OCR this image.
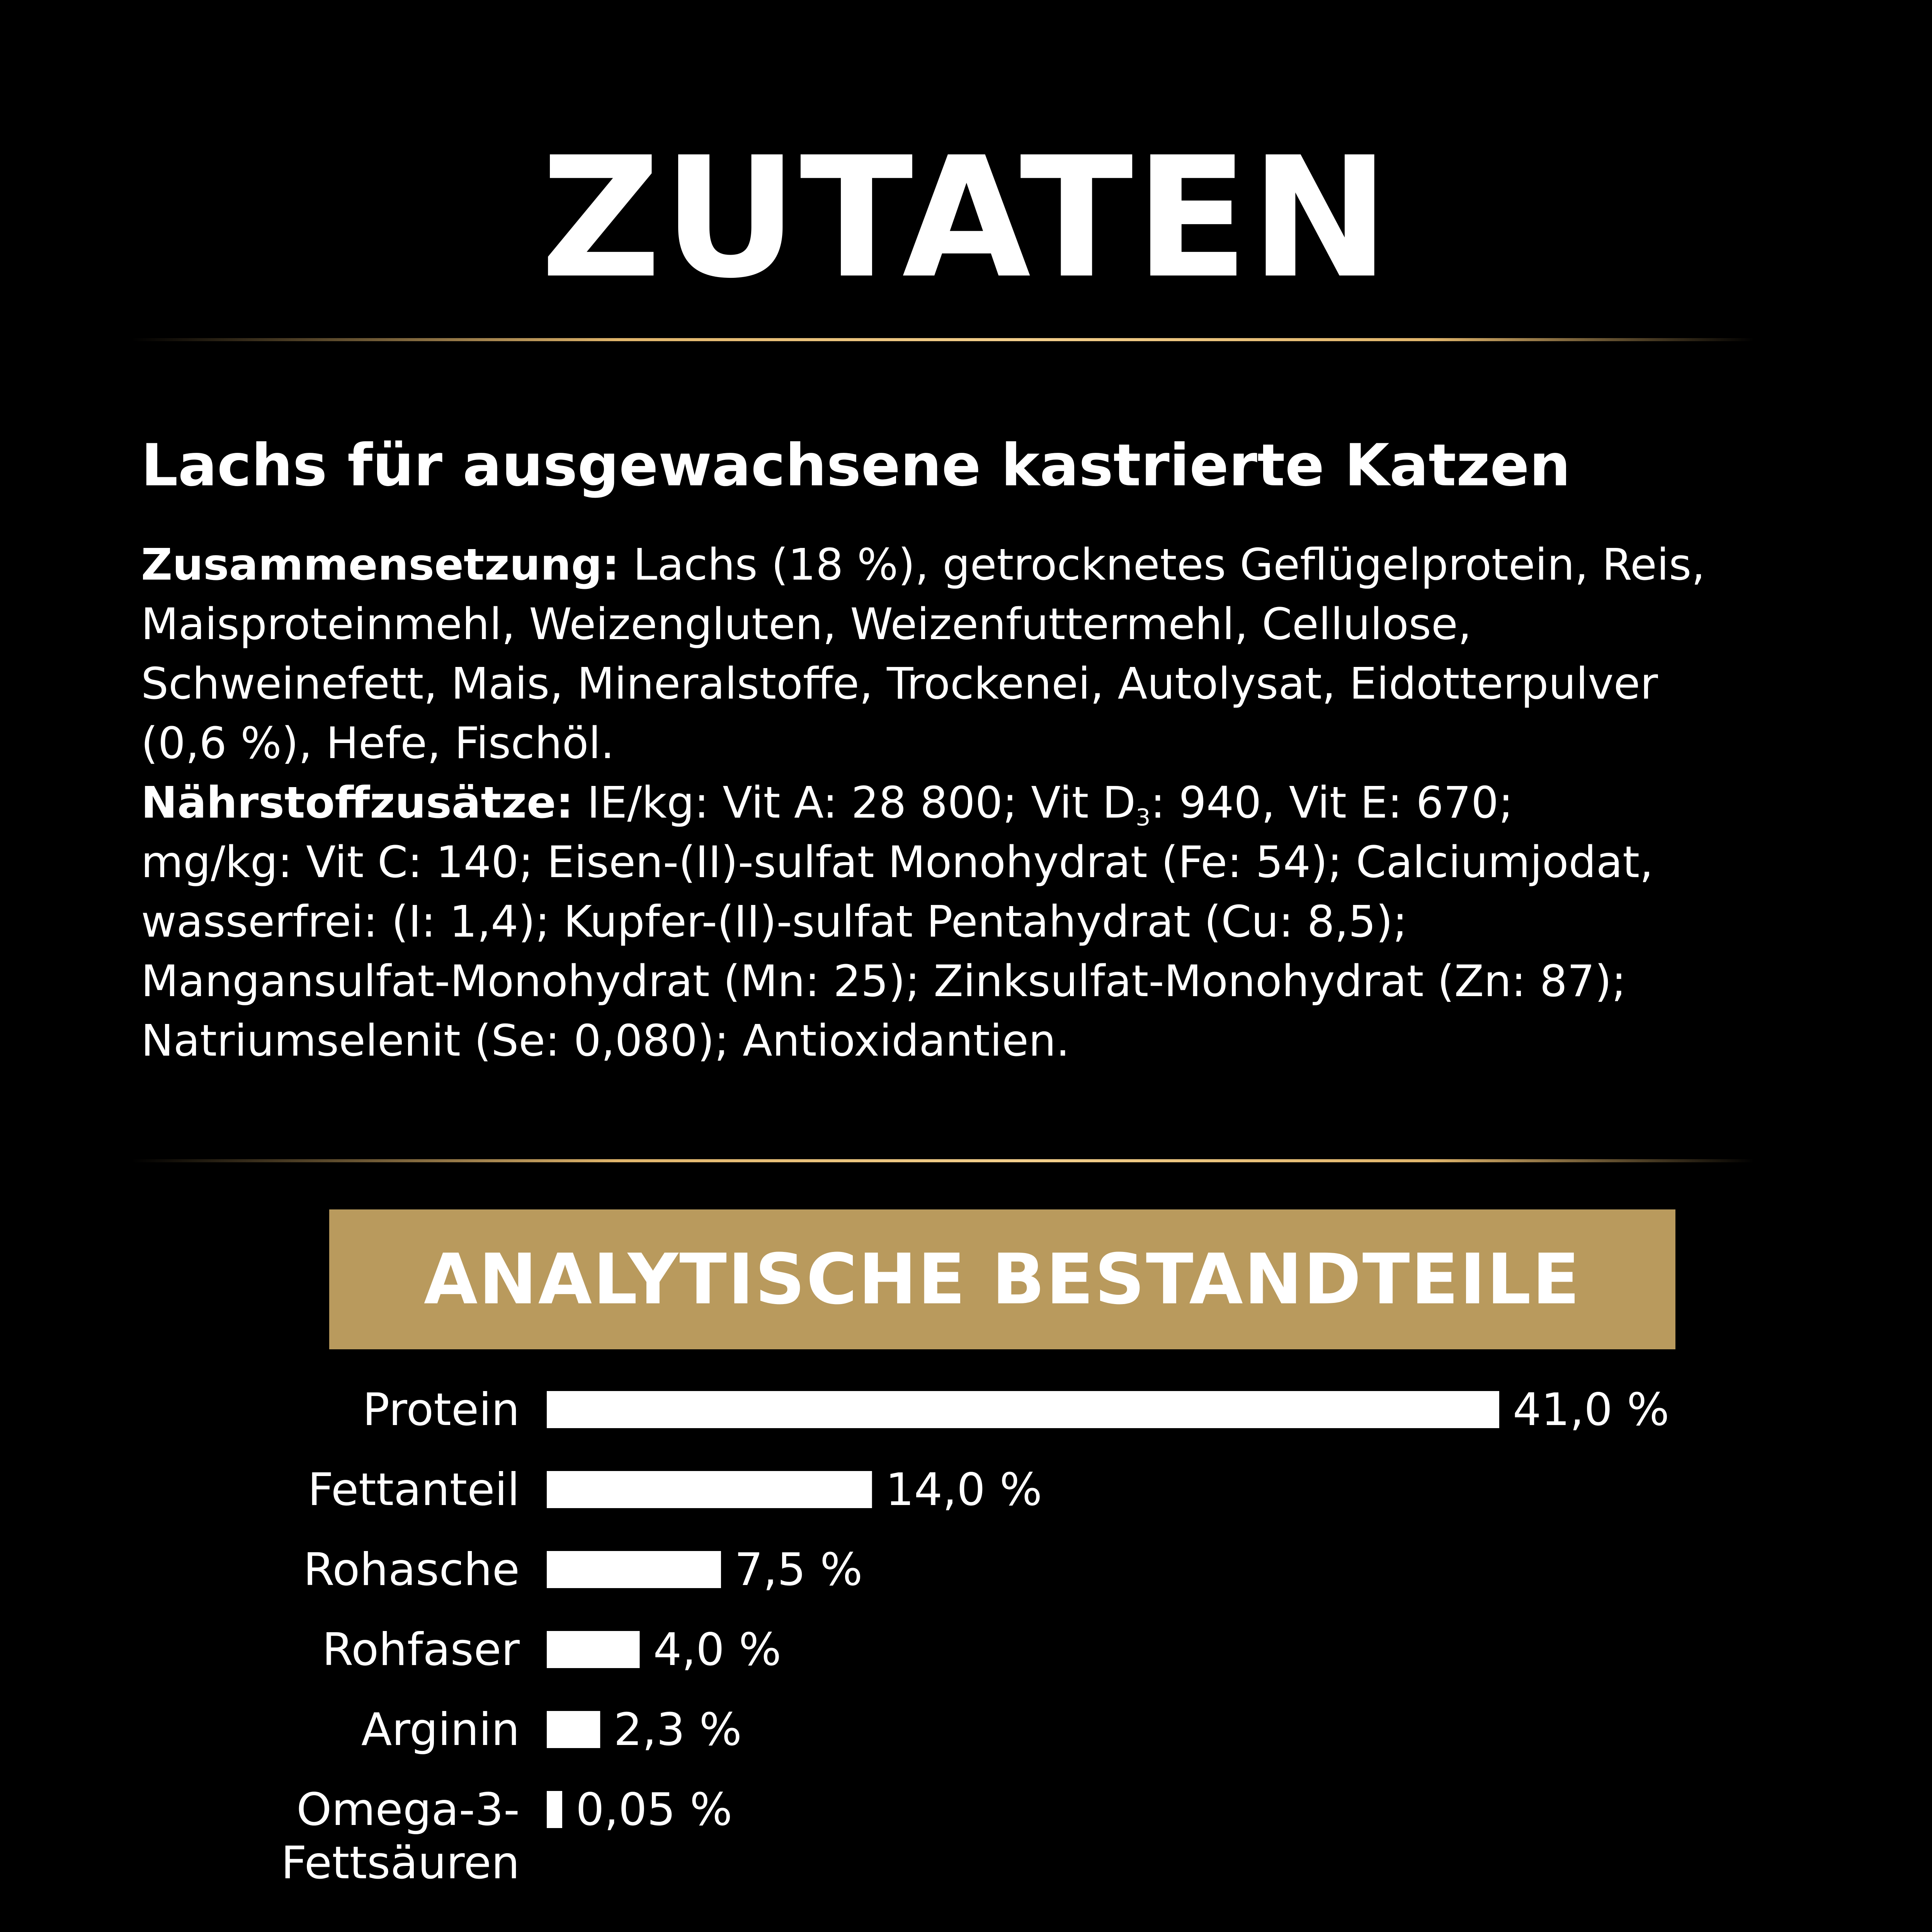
ZUTATEN
Lachs für ausgewachsene kastrierte Katzen

Zusammensetzung: Lachs (18 %), getrocknetes Geflügelprotein, Reis,
Maisproteinmehl, Weizengluten, Weizenfuttermehl, Cellulose,
Schweinefett, Mais, Mineralstoffe, Trockenei, Autolysat, Eidotterpulver
(0,6 %), Hefe, Fischöl.

Nährstoffzusätze: IE/kg: Vit A: 28 800; Vit $D_3$: 940, Vit E: 670;
mg/kg: Vit C: 140; Eisen-(II)-sulfat Monohydrat (Fe: 54); Calciumjodat,
wasserfrei: (I: 1,4); Kupfer-(II)-sulfat Pentahydrat (Cu: 8,5);
Mangansulfat-Monohydrat (Mn: 25); Zinksulfat-Monohydrat (Zn: 87);
Natriumselenit (Se: 0,080); Antioxidantien.

ANALYTISCHE BESTANDTEILE
41,0 %
Protein
14,0 %
Fettanteil
7,5 %
Rohasche
4,0 %
Rohfaser
2,3 %
Arginin
0,05 %
Omega-3-Fettsäuren
